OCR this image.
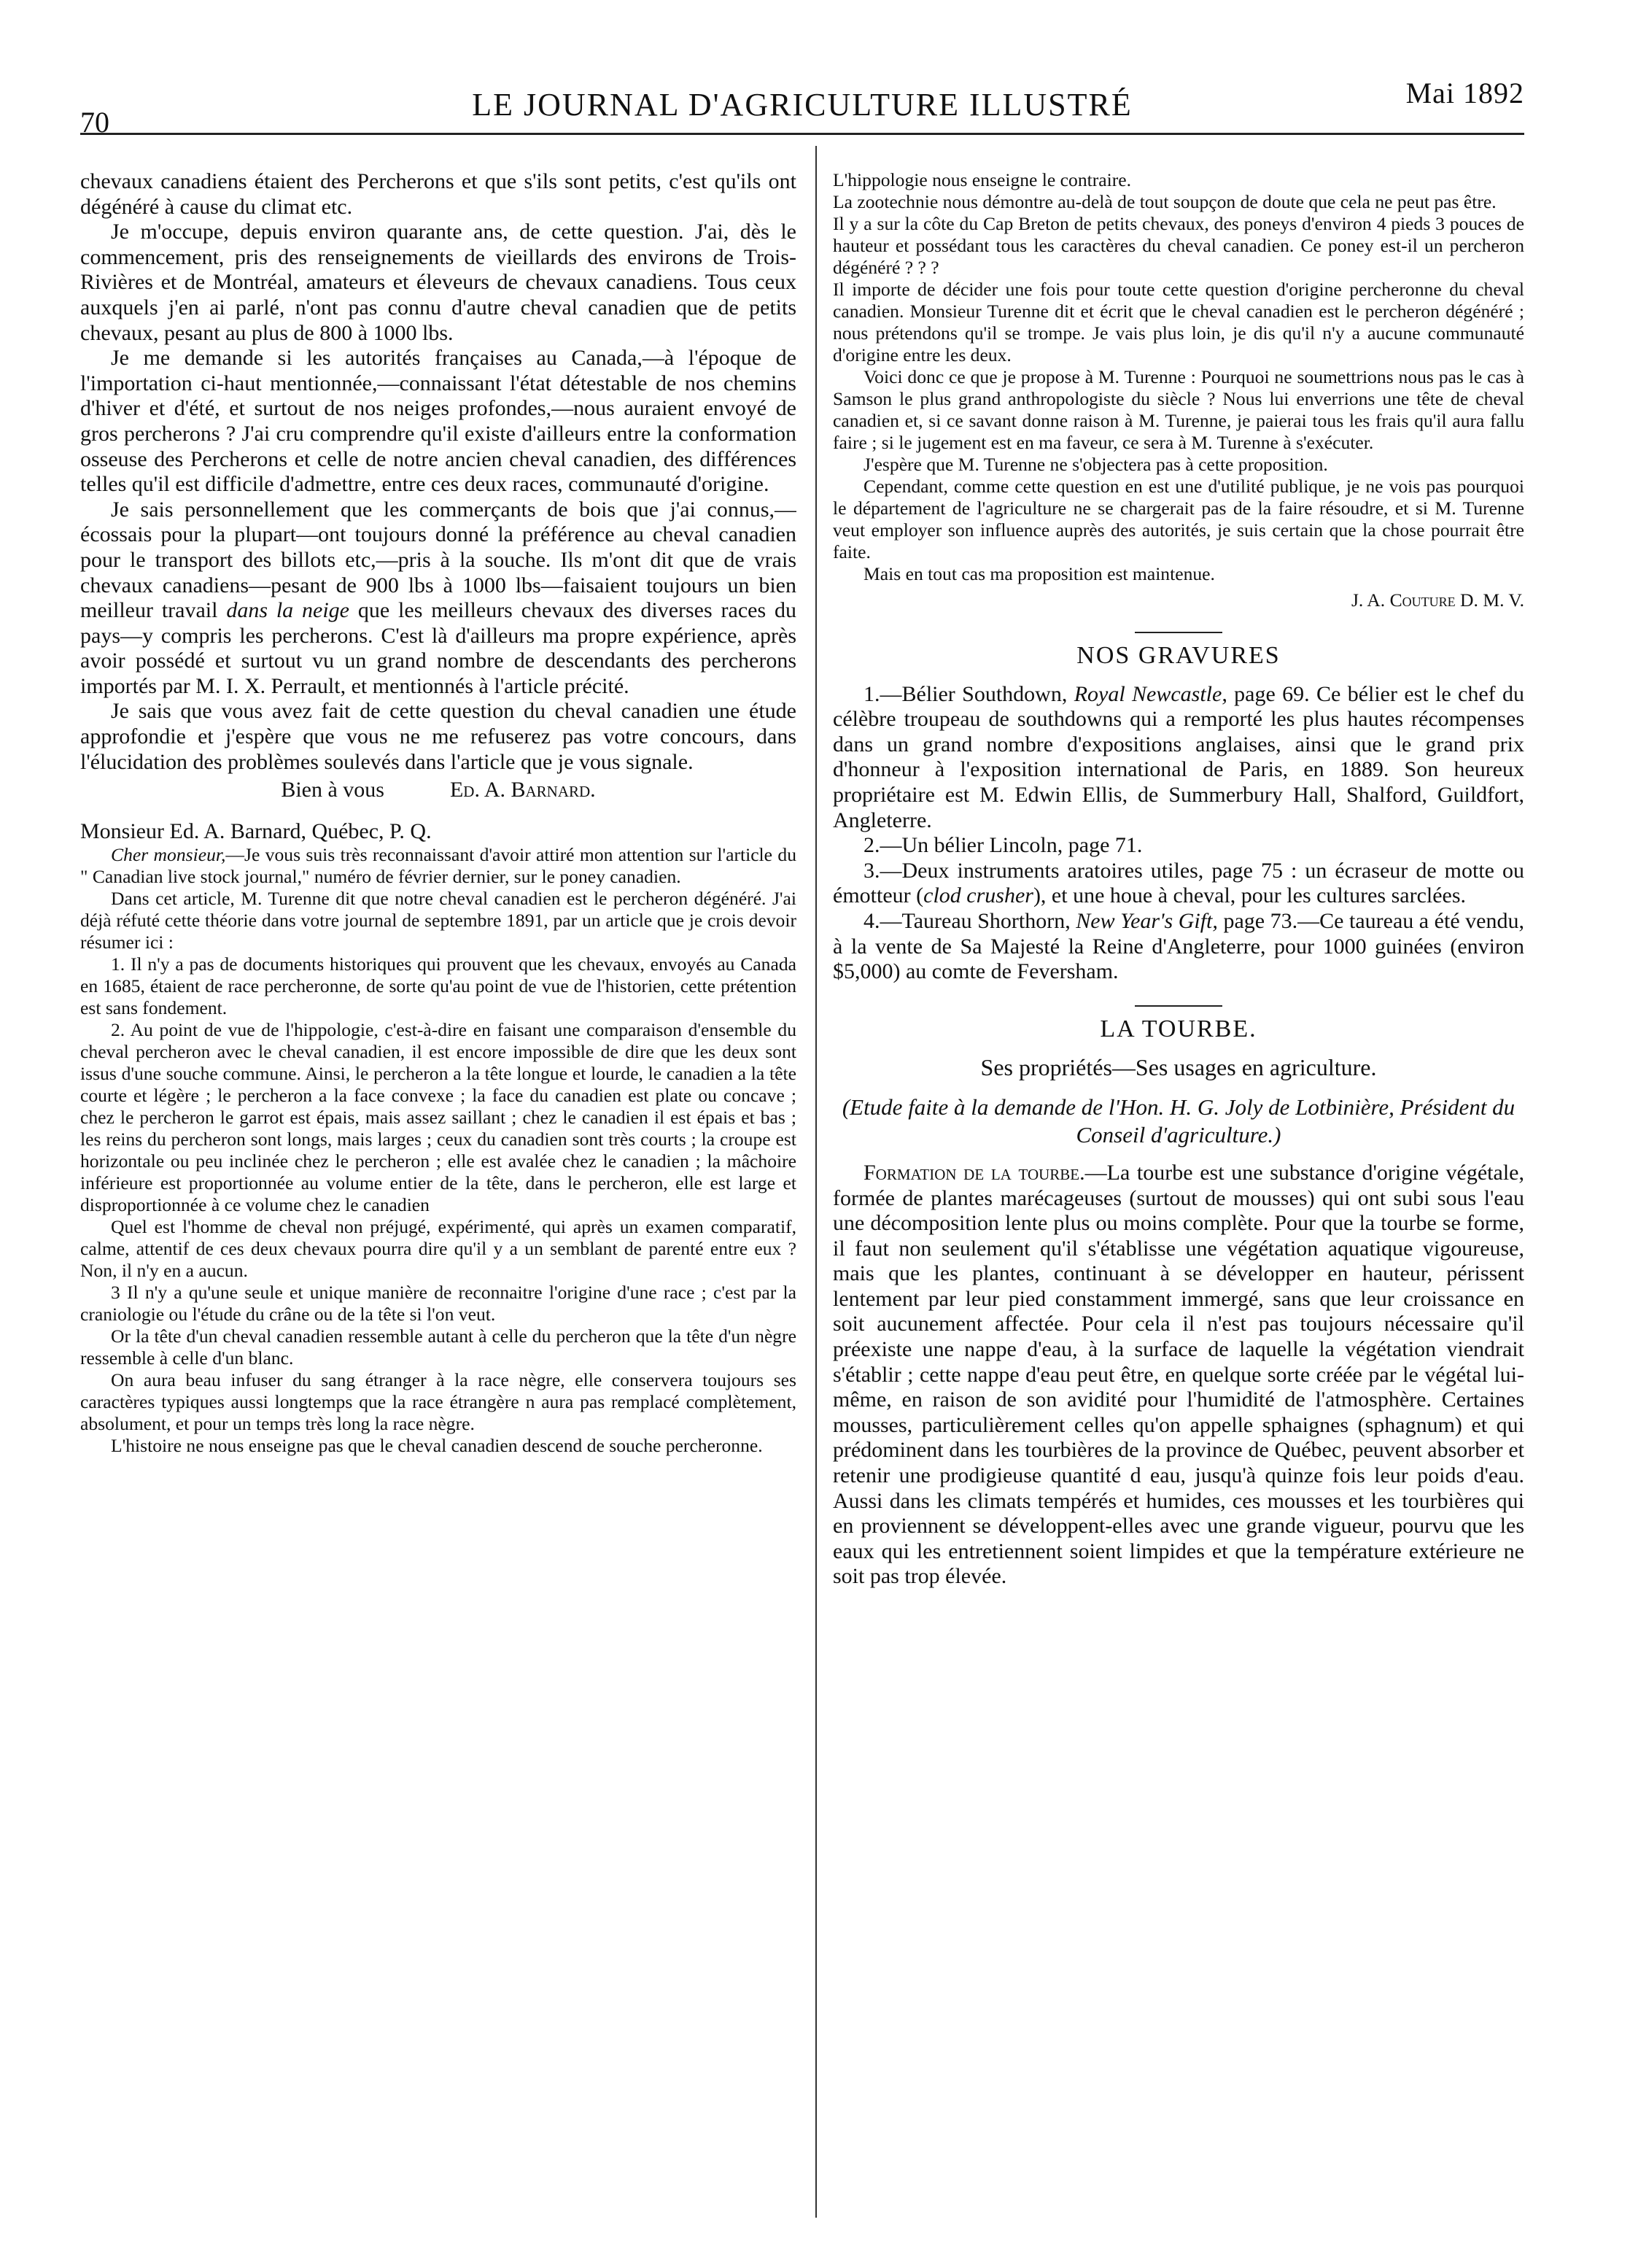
70	LE JOURNAL D'AGRICULTURE ILLUSTRÉ	Mai 1892

chevaux canadiens étaient des Percherons et que s'ils sont petits, c'est qu'ils ont dégénéré à cause du climat etc.

Je m'occupe, depuis environ quarante ans, de cette question. J'ai, dès le commencement, pris des renseignements de vieillards des environs de Trois-Rivières et de Montréal, amateurs et éleveurs de chevaux canadiens. Tous ceux auxquels j'en ai parlé, n'ont pas connu d'autre cheval canadien que de petits chevaux, pesant au plus de 800 à 1000 lbs.

Je me demande si les autorités françaises au Canada,—à l'époque de l'importation ci-haut mentionnée,—connaissant l'état détestable de nos chemins d'hiver et d'été, et surtout de nos neiges profondes,—nous auraient envoyé de gros percherons ? J'ai cru comprendre qu'il existe d'ailleurs entre la conformation osseuse des Percherons et celle de notre ancien cheval canadien, des différences telles qu'il est difficile d'admettre, entre ces deux races, communauté d'origine.

Je sais personnellement que les commerçants de bois que j'ai connus,—écossais pour la plupart—ont toujours donné la préférence au cheval canadien pour le transport des billots etc,—pris à la souche. Ils m'ont dit que de vrais chevaux canadiens—pesant de 900 lbs à 1000 lbs—faisaient toujours un bien meilleur travail dans la neige que les meilleurs chevaux des diverses races du pays—y compris les percherons. C'est là d'ailleurs ma propre expérience, après avoir possédé et surtout vu un grand nombre de descendants des percherons importés par M. I. X. Perrault, et mentionnés à l'article précité.

Je sais que vous avez fait de cette question du cheval canadien une étude approfondie et j'espère que vous ne me refuserez pas votre concours, dans l'élucidation des problèmes soulevés dans l'article que je vous signale.

Bien à vous	Ed. A. Barnard.

Monsieur Ed. A. Barnard, Québec, P. Q.

Cher monsieur,—Je vous suis très reconnaissant d'avoir attiré mon attention sur l'article du " Canadian live stock journal," numéro de février dernier, sur le poney canadien.

Dans cet article, M. Turenne dit que notre cheval canadien est le percheron dégénéré. J'ai déjà réfuté cette théorie dans votre journal de septembre 1891, par un article que je crois devoir résumer ici :

1. Il n'y a pas de documents historiques qui prouvent que les chevaux, envoyés au Canada en 1685, étaient de race percheronne, de sorte qu'au point de vue de l'historien, cette prétention est sans fondement.

2. Au point de vue de l'hippologie, c'est-à-dire en faisant une comparaison d'ensemble du cheval percheron avec le cheval canadien, il est encore impossible de dire que les deux sont issus d'une souche commune. Ainsi, le percheron a la tête longue et lourde, le canadien a la tête courte et légère ; le percheron a la face convexe ; la face du canadien est plate ou concave ; chez le percheron le garrot est épais, mais assez saillant ; chez le canadien il est épais et bas ; les reins du percheron sont longs, mais larges ; ceux du canadien sont très courts ; la croupe est horizontale ou peu inclinée chez le percheron ; elle est avalée chez le canadien ; la mâchoire inférieure est proportionnée au volume entier de la tête, dans le percheron, elle est large et disproportionnée à ce volume chez le canadien

Quel est l'homme de cheval non préjugé, expérimenté, qui après un examen comparatif, calme, attentif de ces deux chevaux pourra dire qu'il y a un semblant de parenté entre eux ? Non, il n'y en a aucun.

3 Il n'y a qu'une seule et unique manière de reconnaitre l'origine d'une race ; c'est par la craniologie ou l'étude du crâne ou de la tête si l'on veut.

Or la tête d'un cheval canadien ressemble autant à celle du percheron que la tête d'un nègre ressemble à celle d'un blanc.

On aura beau infuser du sang étranger à la race nègre, elle conservera toujours ses caractères typiques aussi longtemps que la race étrangère n aura pas remplacé complètement, absolument, et pour un temps très long la race nègre.

L'histoire ne nous enseigne pas que le cheval canadien descend de souche percheronne.

L'hippologie nous enseigne le contraire.

La zootechnie nous démontre au-delà de tout soupçon de doute que cela ne peut pas être.

Il y a sur la côte du Cap Breton de petits chevaux, des poneys d'environ 4 pieds 3 pouces de hauteur et possédant tous les caractères du cheval canadien. Ce poney est-il un percheron dégénéré ? ? ?

Il importe de décider une fois pour toute cette question d'origine percheronne du cheval canadien. Monsieur Turenne dit et écrit que le cheval canadien est le percheron dégénéré ; nous prétendons qu'il se trompe. Je vais plus loin, je dis qu'il n'y a aucune communauté d'origine entre les deux.

Voici donc ce que je propose à M. Turenne : Pourquoi ne soumettrions nous pas le cas à Samson le plus grand anthropologiste du siècle ? Nous lui enverrions une tête de cheval canadien et, si ce savant donne raison à M. Turenne, je paierai tous les frais qu'il aura fallu faire ; si le jugement est en ma faveur, ce sera à M. Turenne à s'exécuter.

J'espère que M. Turenne ne s'objectera pas à cette proposition.

Cependant, comme cette question en est une d'utilité publique, je ne vois pas pourquoi le département de l'agriculture ne se chargerait pas de la faire résoudre, et si M. Turenne veut employer son influence auprès des autorités, je suis certain que la chose pourrait être faite.

Mais en tout cas ma proposition est maintenue.

J. A. Couture D. M. V.
NOS GRAVURES

1.—Bélier Southdown, Royal Newcastle, page 69. Ce bélier est le chef du célèbre troupeau de southdowns qui a remporté les plus hautes récompenses dans un grand nombre d'expositions anglaises, ainsi que le grand prix d'honneur à l'exposition international de Paris, en 1889. Son heureux propriétaire est M. Edwin Ellis, de Summerbury Hall, Shalford, Guildfort, Angleterre.

2.—Un bélier Lincoln, page 71.

3.—Deux instruments aratoires utiles, page 75 : un écraseur de motte ou émotteur (clod crusher), et une houe à cheval, pour les cultures sarclées.

4.—Taureau Shorthorn, New Year's Gift, page 73.—Ce taureau a été vendu, à la vente de Sa Majesté la Reine d'Angleterre, pour 1000 guinées (environ $5,000) au comte de Feversham.

LA TOURBE.
Ses propriétés—Ses usages en agriculture.
(Etude faite à la demande de l'Hon. H. G. Joly de Lotbinière, Président du Conseil d'agriculture.)

Formation de la tourbe.—La tourbe est une substance d'origine végétale, formée de plantes marécageuses (surtout de mousses) qui ont subi sous l'eau une décomposition lente plus ou moins complète. Pour que la tourbe se forme, il faut non seulement qu'il s'établisse une végétation aquatique vigoureuse, mais que les plantes, continuant à se développer en hauteur, périssent lentement par leur pied constamment immergé, sans que leur croissance en soit aucunement affectée. Pour cela il n'est pas toujours nécessaire qu'il préexiste une nappe d'eau, à la surface de laquelle la végétation viendrait s'établir ; cette nappe d'eau peut être, en quelque sorte créée par le végétal lui-même, en raison de son avidité pour l'humidité de l'atmosphère. Certaines mousses, particulièrement celles qu'on appelle sphaignes (sphagnum) et qui prédominent dans les tourbières de la province de Québec, peuvent absorber et retenir une prodigieuse quantité d eau, jusqu'à quinze fois leur poids d'eau. Aussi dans les climats tempérés et humides, ces mousses et les tourbières qui en proviennent se développent-elles avec une grande vigueur, pourvu que les eaux qui les entretiennent soient limpides et que la température extérieure ne soit pas trop élevée.
